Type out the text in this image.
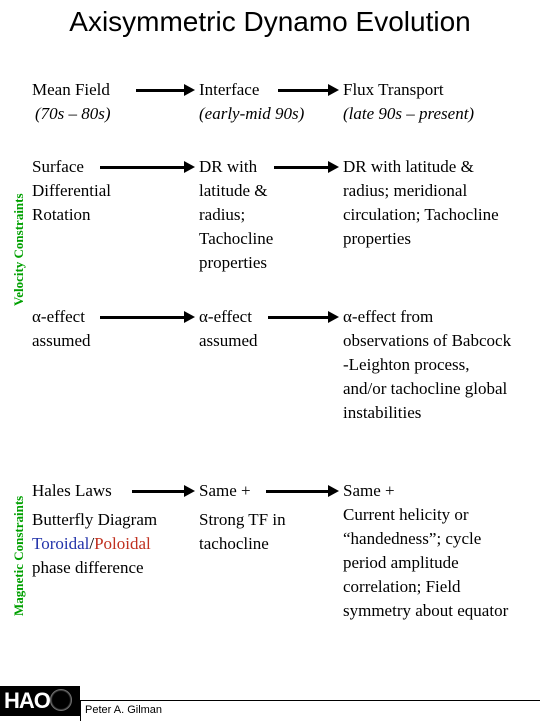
Axisymmetric Dynamo Evolution
Velocity Constraints
Magnetic Constraints
Mean Field
(70s – 80s)
Interface
(early-mid 90s)
Flux Transport
(late 90s – present)
Surface
Differential
Rotation
DR with
latitude &
radius;
Tachocline
properties
DR with latitude &
radius; meridional
circulation; Tachocline
properties
α-effect
assumed
α-effect
assumed
α-effect from
observations of Babcock
-Leighton process,
and/or tachocline global
instabilities
Hales Laws
Butterfly Diagram
Toroidal/Poloidal
phase difference
Same +
Strong TF in
tachocline
Same +
Current helicity or
“handedness”; cycle
period amplitude
correlation; Field
symmetry about equator
HAO	Peter A. Gilman
